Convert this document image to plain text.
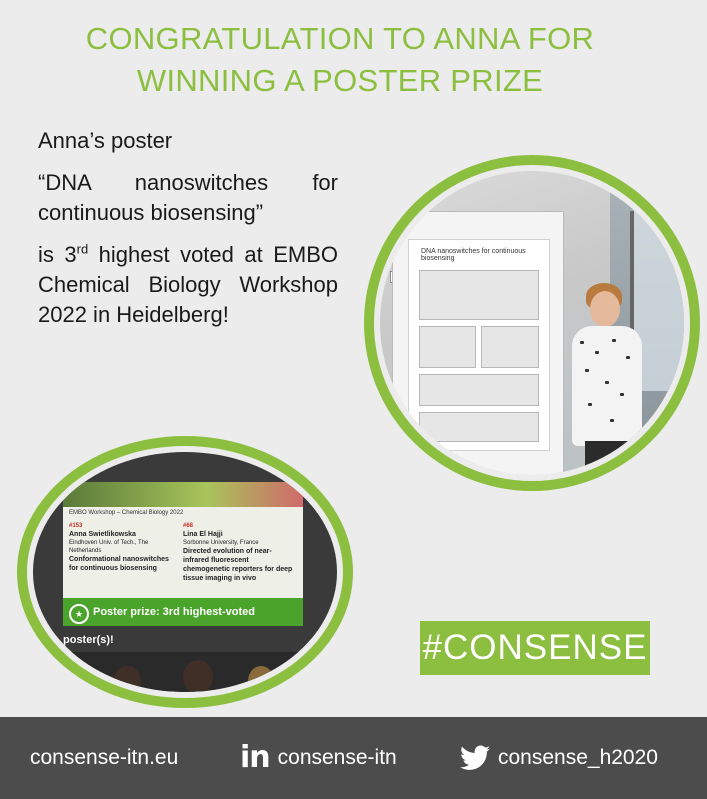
CONGRATULATION TO ANNA FOR
WINNING A POSTER PRIZE

Anna’s poster

“DNA nanoswitches for continuous biosensing”

is 3rd highest voted at EMBO Chemical Biology Workshop 2022 in Heidelberg!

DNA nanoswitches for continuous biosensing
EMBO Workshop – Chemical Biology 2022
#153
Anna Swietlikowska
Eindhoven Univ. of Tech., The Netherlands
Conformational nanoswitches for continuous biosensing
#68
Lina El Hajji
Sorbonne University, France
Directed evolution of near-infrared fluorescent chemogenetic reporters for deep tissue imaging in vivo
Poster prize: 3rd highest-voted poster(s)!
★
#CONSENSE
consense-itn.eu in consense-itn	consense_h2020
